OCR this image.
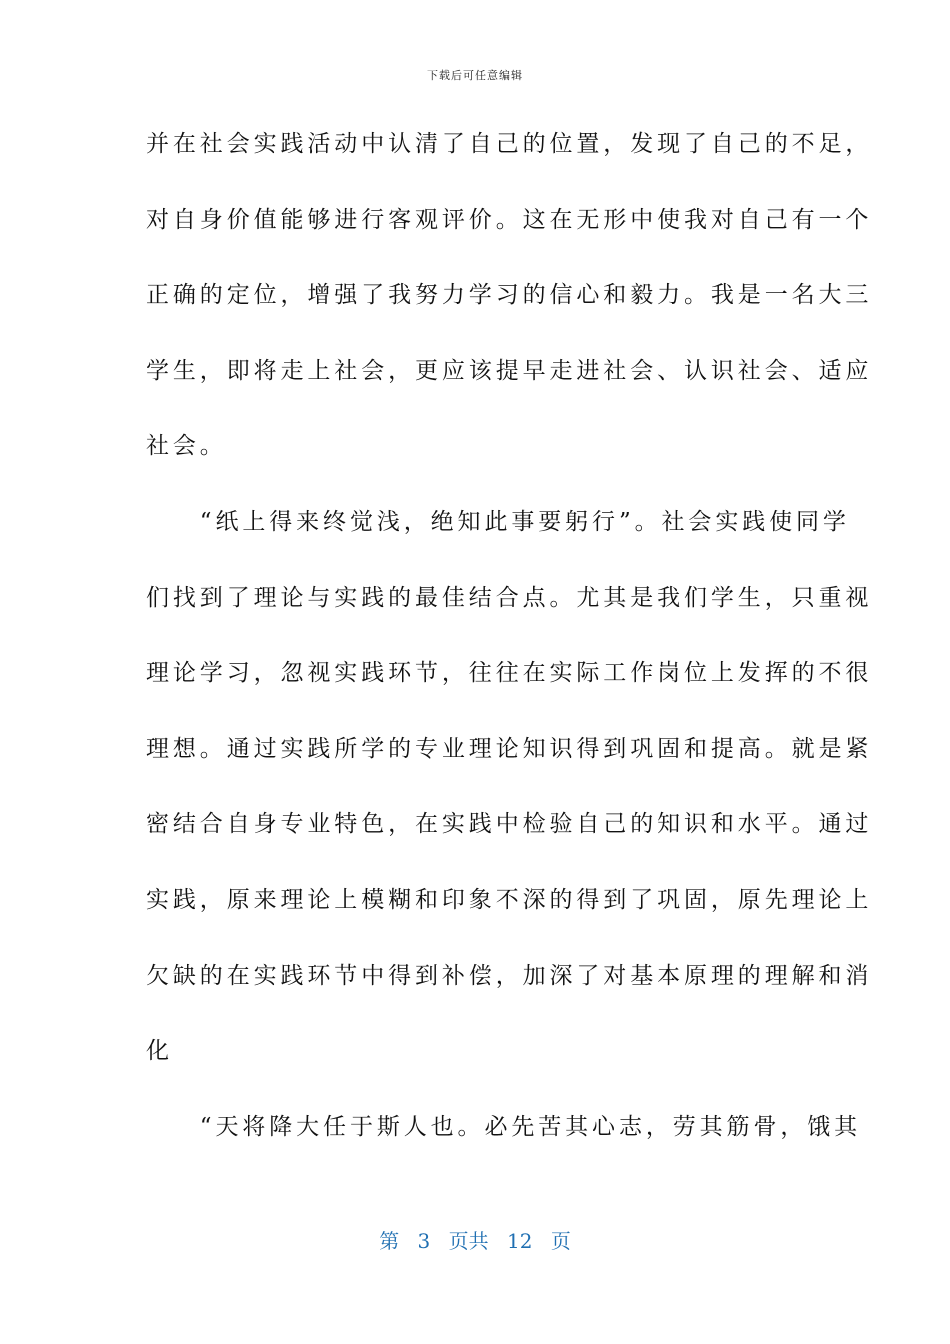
下载后可任意编辑
并在社会实践活动中认清了自己的位置，发现了自己的不足，
对自身价值能够进行客观评价。这在无形中使我对自己有一个
正确的定位，增强了我努力学习的信心和毅力。我是一名大三
学生，即将走上社会，更应该提早走进社会、认识社会、适应
社会。
　　“纸上得来终觉浅，绝知此事要躬行”。社会实践使同学
们找到了理论与实践的最佳结合点。尤其是我们学生，只重视
理论学习，忽视实践环节，往往在实际工作岗位上发挥的不很
理想。通过实践所学的专业理论知识得到巩固和提高。就是紧
密结合自身专业特色，在实践中检验自己的知识和水平。通过
实践，原来理论上模糊和印象不深的得到了巩固，原先理论上
欠缺的在实践环节中得到补偿，加深了对基本原理的理解和消
化
　　“天将降大任于斯人也。必先苦其心志，劳其筋骨，饿其
第 3 页共 12 页
